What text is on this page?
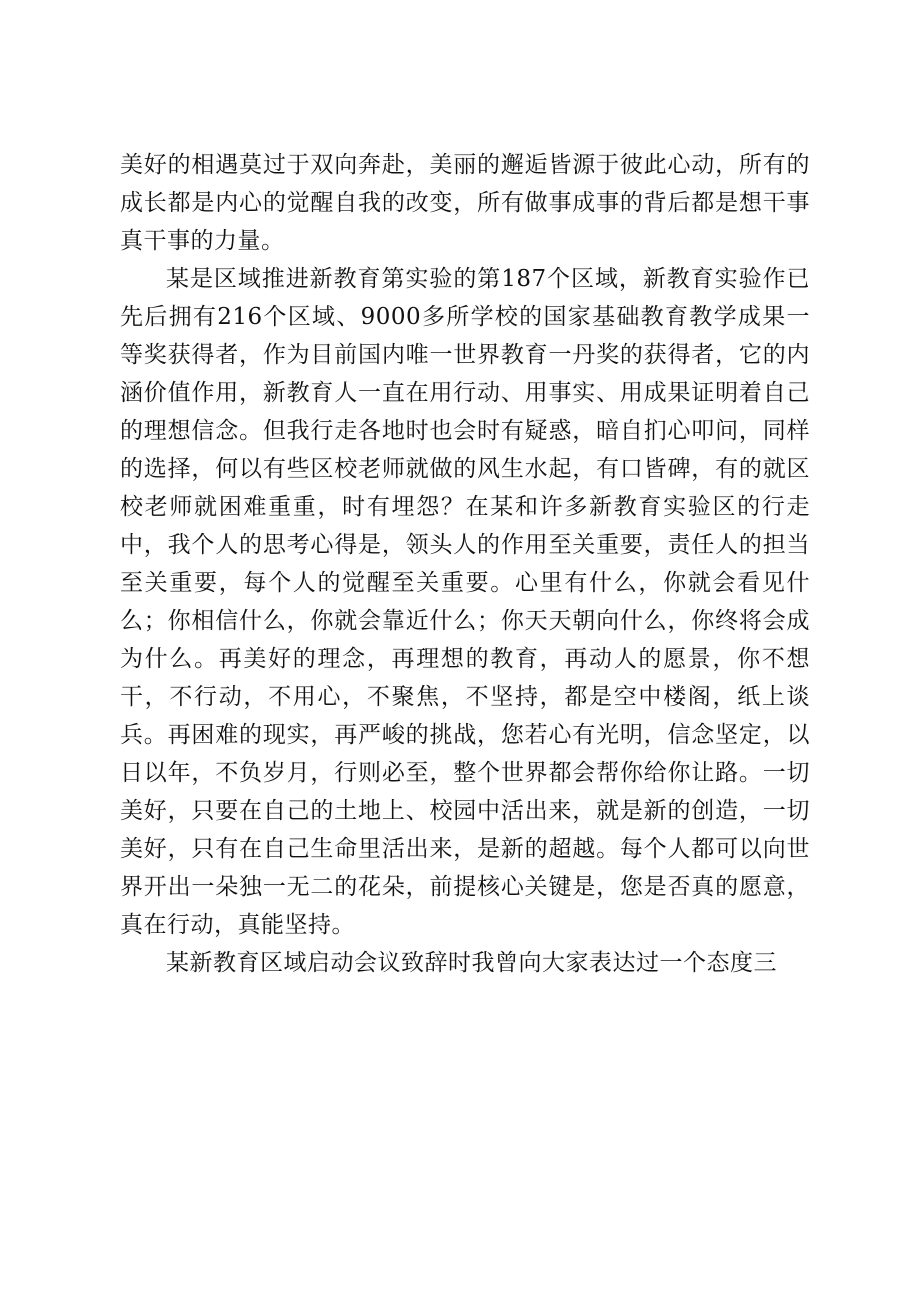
美好的相遇莫过于双向奔赴，美丽的邂逅皆源于彼此心动，所有的成长都是内心的觉醒自我的改变，所有做事成事的背后都是想干事真干事的力量。

某是区域推进新教育第实验的第187个区域，新教育实验作已先后拥有216个区域、9000多所学校的国家基础教育教学成果一等奖获得者，作为目前国内唯一世界教育一丹奖的获得者，它的内涵价值作用，新教育人一直在用行动、用事实、用成果证明着自己的理想信念。但我行走各地时也会时有疑惑，暗自扪心叩问，同样的选择，何以有些区校老师就做的风生水起，有口皆碑，有的就区校老师就困难重重，时有埋怨？在某和许多新教育实验区的行走中，我个人的思考心得是，领头人的作用至关重要，责任人的担当至关重要，每个人的觉醒至关重要。心里有什么，你就会看见什么；你相信什么，你就会靠近什么；你天天朝向什么，你终将会成为什么。再美好的理念，再理想的教育，再动人的愿景，你不想干，不行动，不用心，不聚焦，不坚持，都是空中楼阁，纸上谈兵。再困难的现实，再严峻的挑战，您若心有光明，信念坚定，以日以年，不负岁月，行则必至，整个世界都会帮你给你让路。一切美好，只要在自己的土地上、校园中活出来，就是新的创造，一切美好，只有在自己生命里活出来，是新的超越。每个人都可以向世界开出一朵独一无二的花朵，前提核心关键是，您是否真的愿意，真在行动，真能坚持。

某新教育区域启动会议致辞时我曾向大家表达过一个态度三
